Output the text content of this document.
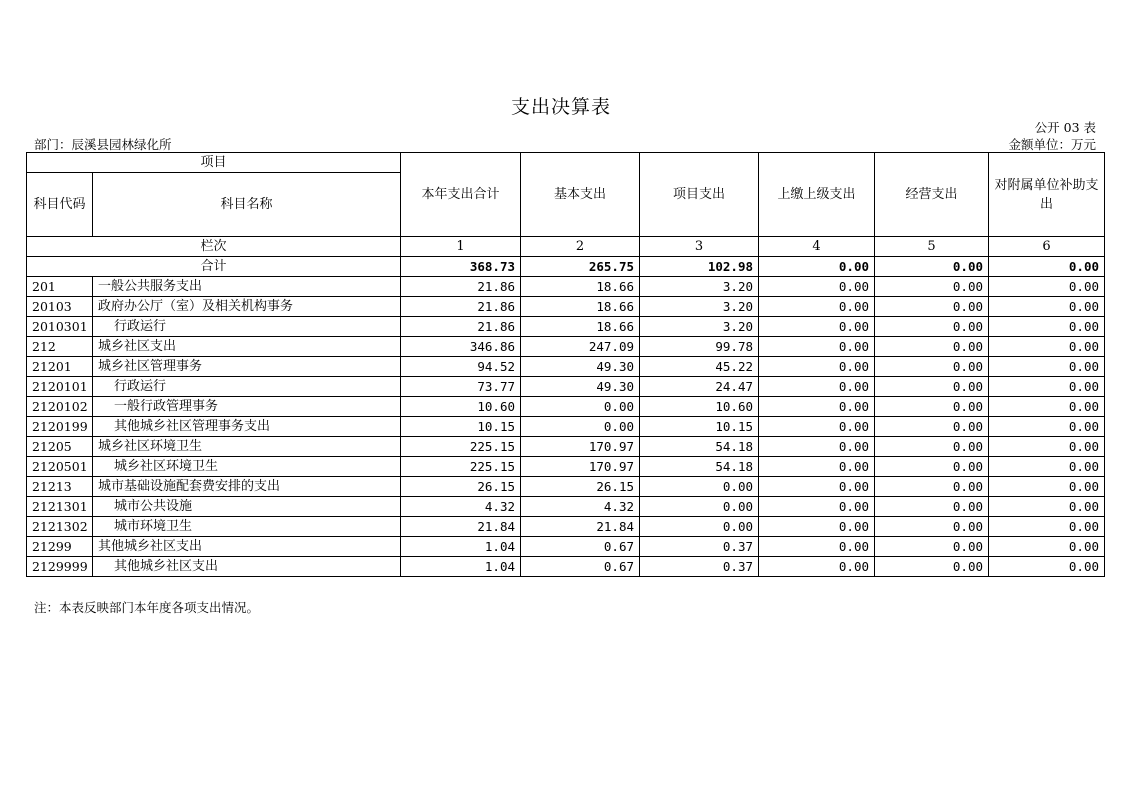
支出决算表
公开 03 表
部门：辰溪县园林绿化所	金额单位：万元
项目		本年支出合计	基本支出	项目支出	上缴上级支出	经营支出	对附属单位补助支出
科目代码	科目名称						
栏次		1	2	3	4	5	6
合计		368.73	265.75	102.98	0.00	0.00	0.00
201	一般公共服务支出	21.86	18.66	3.20	0.00	0.00	0.00
20103	政府办公厅（室）及相关机构事务	21.86	18.66	3.20	0.00	0.00	0.00
2010301	行政运行	21.86	18.66	3.20	0.00	0.00	0.00
212	城乡社区支出	346.86	247.09	99.78	0.00	0.00	0.00
21201	城乡社区管理事务	94.52	49.30	45.22	0.00	0.00	0.00
2120101	行政运行	73.77	49.30	24.47	0.00	0.00	0.00
2120102	一般行政管理事务	10.60	0.00	10.60	0.00	0.00	0.00
2120199	其他城乡社区管理事务支出	10.15	0.00	10.15	0.00	0.00	0.00
21205	城乡社区环境卫生	225.15	170.97	54.18	0.00	0.00	0.00
2120501	城乡社区环境卫生	225.15	170.97	54.18	0.00	0.00	0.00
21213	城市基础设施配套费安排的支出	26.15	26.15	0.00	0.00	0.00	0.00
2121301	城市公共设施	4.32	4.32	0.00	0.00	0.00	0.00
2121302	城市环境卫生	21.84	21.84	0.00	0.00	0.00	0.00
21299	其他城乡社区支出	1.04	0.67	0.37	0.00	0.00	0.00
2129999	其他城乡社区支出	1.04	0.67	0.37	0.00	0.00	0.00
注：本表反映部门本年度各项支出情况。
